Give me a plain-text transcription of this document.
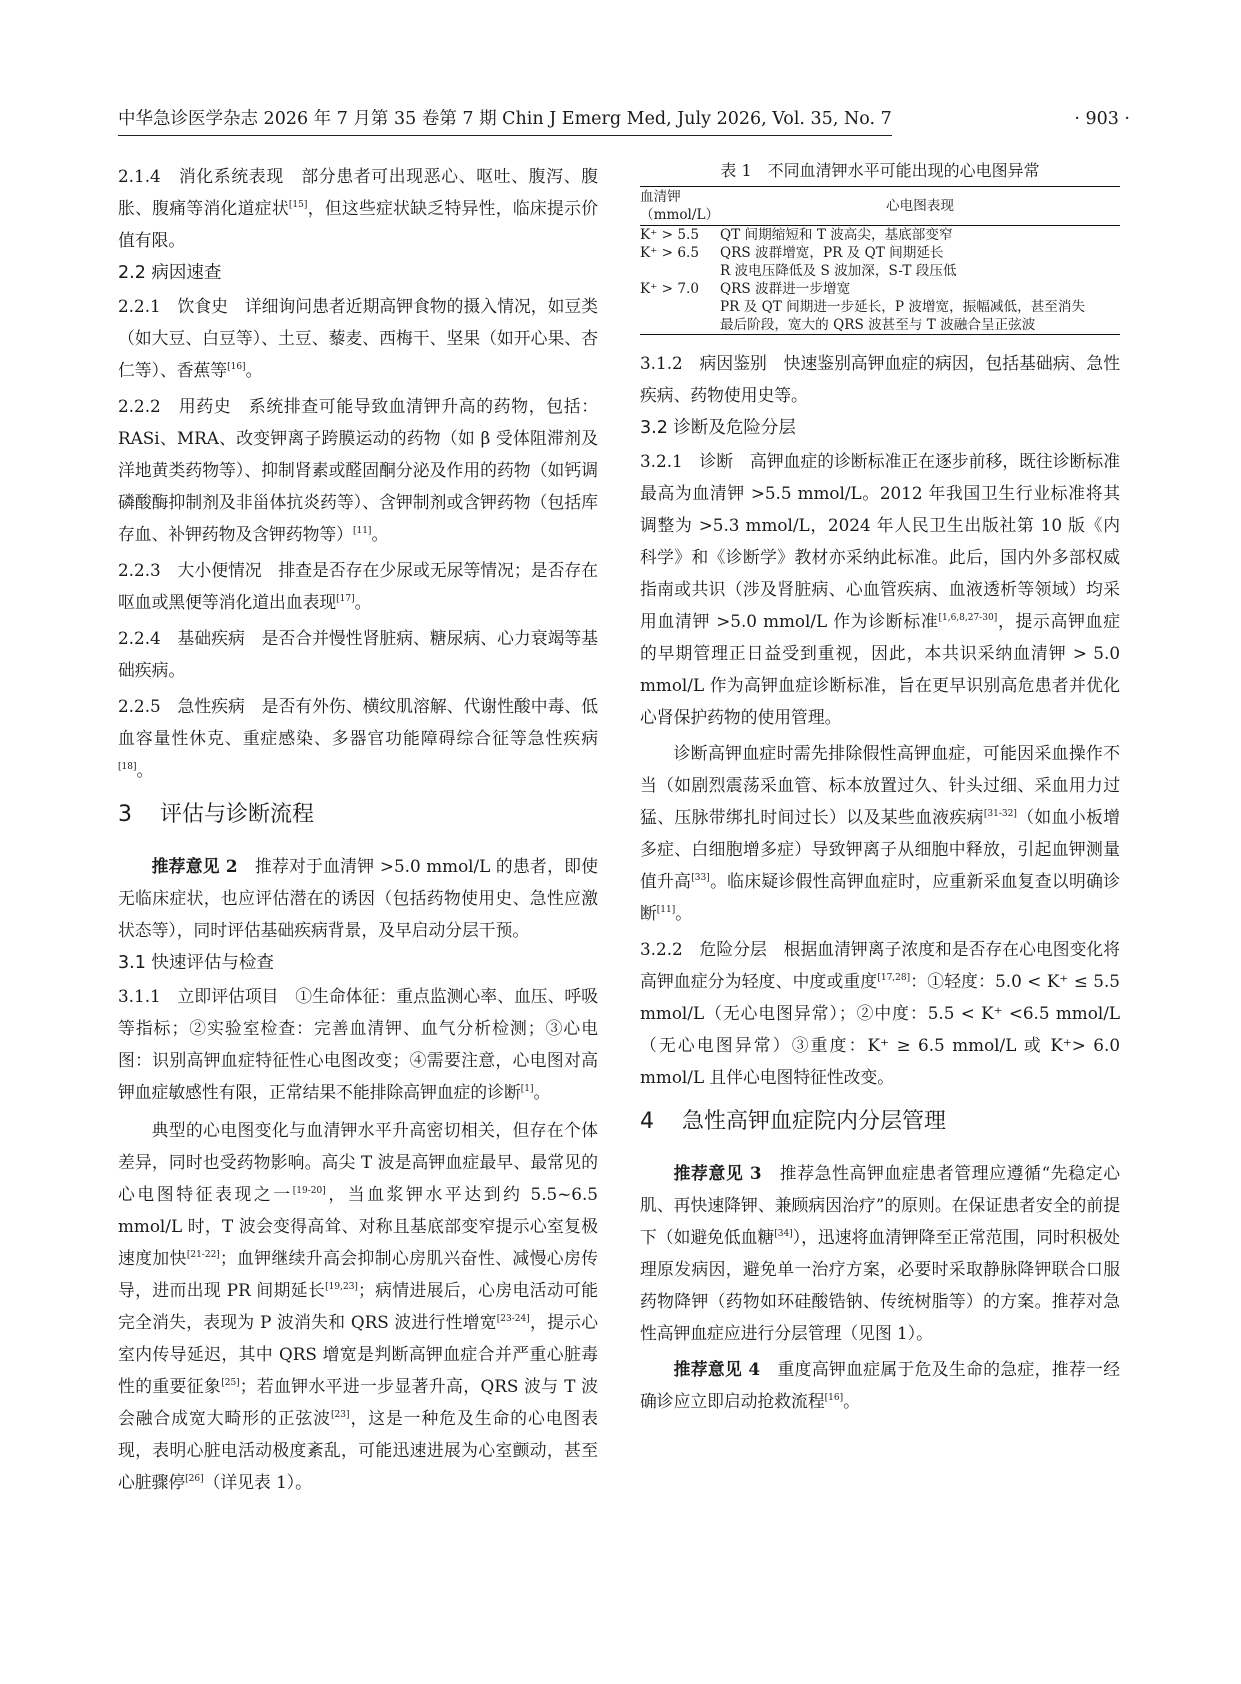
中华急诊医学杂志 2026 年 7 月第 35 卷第 7 期 Chin J Emerg Med, July 2026, Vol. 35, No. 7	· 903 ·

2.1.4　消化系统表现　部分患者可出现恶心、呕吐、腹泻、腹胀、腹痛等消化道症状[15]，但这些症状缺乏特异性，临床提示价值有限。

2.2 病因速查

2.2.1　饮食史　详细询问患者近期高钾食物的摄入情况，如豆类（如大豆、白豆等）、土豆、藜麦、西梅干、坚果（如开心果、杏仁等）、香蕉等[16]。

2.2.2　用药史　系统排查可能导致血清钾升高的药物，包括：RASi、MRA、改变钾离子跨膜运动的药物（如 β 受体阻滞剂及洋地黄类药物等）、抑制肾素或醛固酮分泌及作用的药物（如钙调磷酸酶抑制剂及非甾体抗炎药等）、含钾制剂或含钾药物（包括库存血、补钾药物及含钾药物等）[11]。

2.2.3　大小便情况　排查是否存在少尿或无尿等情况；是否存在呕血或黑便等消化道出血表现[17]。

2.2.4　基础疾病　是否合并慢性肾脏病、糖尿病、心力衰竭等基础疾病。

2.2.5　急性疾病　是否有外伤、横纹肌溶解、代谢性酸中毒、低血容量性休克、重症感染、多器官功能障碍综合征等急性疾病[18]。

3 评估与诊断流程

推荐意见 2　推荐对于血清钾 >5.0 mmol/L 的患者，即使无临床症状，也应评估潜在的诱因（包括药物使用史、急性应激状态等），同时评估基础疾病背景，及早启动分层干预。

3.1 快速评估与检查

3.1.1　立即评估项目　①生命体征：重点监测心率、血压、呼吸等指标；②实验室检查：完善血清钾、血气分析检测；③心电图：识别高钾血症特征性心电图改变；④需要注意，心电图对高钾血症敏感性有限，正常结果不能排除高钾血症的诊断[1]。

典型的心电图变化与血清钾水平升高密切相关，但存在个体差异，同时也受药物影响。高尖 T 波是高钾血症最早、最常见的心电图特征表现之一[19-20]，当血浆钾水平达到约 5.5~6.5 mmol/L 时，T 波会变得高耸、对称且基底部变窄提示心室复极速度加快[21-22]；血钾继续升高会抑制心房肌兴奋性、减慢心房传导，进而出现 PR 间期延长[19,23]；病情进展后，心房电活动可能完全消失，表现为 P 波消失和 QRS 波进行性增宽[23-24]，提示心室内传导延迟，其中 QRS 增宽是判断高钾血症合并严重心脏毒性的重要征象[25]；若血钾水平进一步显著升高，QRS 波与 T 波会融合成宽大畸形的正弦波[23]，这是一种危及生命的心电图表现，表明心脏电活动极度紊乱，可能迅速进展为心室颤动，甚至心脏骤停[26]（详见表 1）。

表 1　不同血清钾水平可能出现的心电图异常
血清钾
（mmol/L）	心电图表现
K⁺ > 5.5	QT 间期缩短和 T 波高尖，基底部变窄

K⁺ > 6.5	QRS 波群增宽，PR 及 QT 间期延长
R 波电压降低及 S 波加深，S-T 段压低

K⁺ > 7.0	QRS 波群进一步增宽
PR 及 QT 间期进一步延长，P 波增宽，振幅减低，甚至消失
最后阶段，宽大的 QRS 波甚至与 T 波融合呈正弦波

3.1.2　病因鉴别　快速鉴别高钾血症的病因，包括基础病、急性疾病、药物使用史等。

3.2 诊断及危险分层

3.2.1　诊断　高钾血症的诊断标准正在逐步前移，既往诊断标准最高为血清钾 >5.5 mmol/L。2012 年我国卫生行业标准将其调整为 >5.3 mmol/L，2024 年人民卫生出版社第 10 版《内科学》和《诊断学》教材亦采纳此标准。此后，国内外多部权威指南或共识（涉及肾脏病、心血管疾病、血液透析等领域）均采用血清钾 >5.0 mmol/L 作为诊断标准[1,6,8,27-30]，提示高钾血症的早期管理正日益受到重视，因此，本共识采纳血清钾 > 5.0 mmol/L 作为高钾血症诊断标准，旨在更早识别高危患者并优化心肾保护药物的使用管理。

诊断高钾血症时需先排除假性高钾血症，可能因采血操作不当（如剧烈震荡采血管、标本放置过久、针头过细、采血用力过猛、压脉带绑扎时间过长）以及某些血液疾病[31-32]（如血小板增多症、白细胞增多症）导致钾离子从细胞中释放，引起血钾测量值升高[33]。临床疑诊假性高钾血症时，应重新采血复查以明确诊断[11]。

3.2.2　危险分层　根据血清钾离子浓度和是否存在心电图变化将高钾血症分为轻度、中度或重度[17,28]：①轻度：5.0 < K⁺ ≤ 5.5 mmol/L（无心电图异常）；②中度：5.5 < K⁺ <6.5 mmol/L（无心电图异常）③重度：K⁺ ≥ 6.5 mmol/L 或 K⁺> 6.0 mmol/L 且伴心电图特征性改变。

4 急性高钾血症院内分层管理

推荐意见 3　推荐急性高钾血症患者管理应遵循“先稳定心肌、再快速降钾、兼顾病因治疗”的原则。在保证患者安全的前提下（如避免低血糖[34]），迅速将血清钾降至正常范围，同时积极处理原发病因，避免单一治疗方案，必要时采取静脉降钾联合口服药物降钾（药物如环硅酸锆钠、传统树脂等）的方案。推荐对急性高钾血症应进行分层管理（见图 1）。

推荐意见 4　重度高钾血症属于危及生命的急症，推荐一经确诊应立即启动抢救流程[16]。
